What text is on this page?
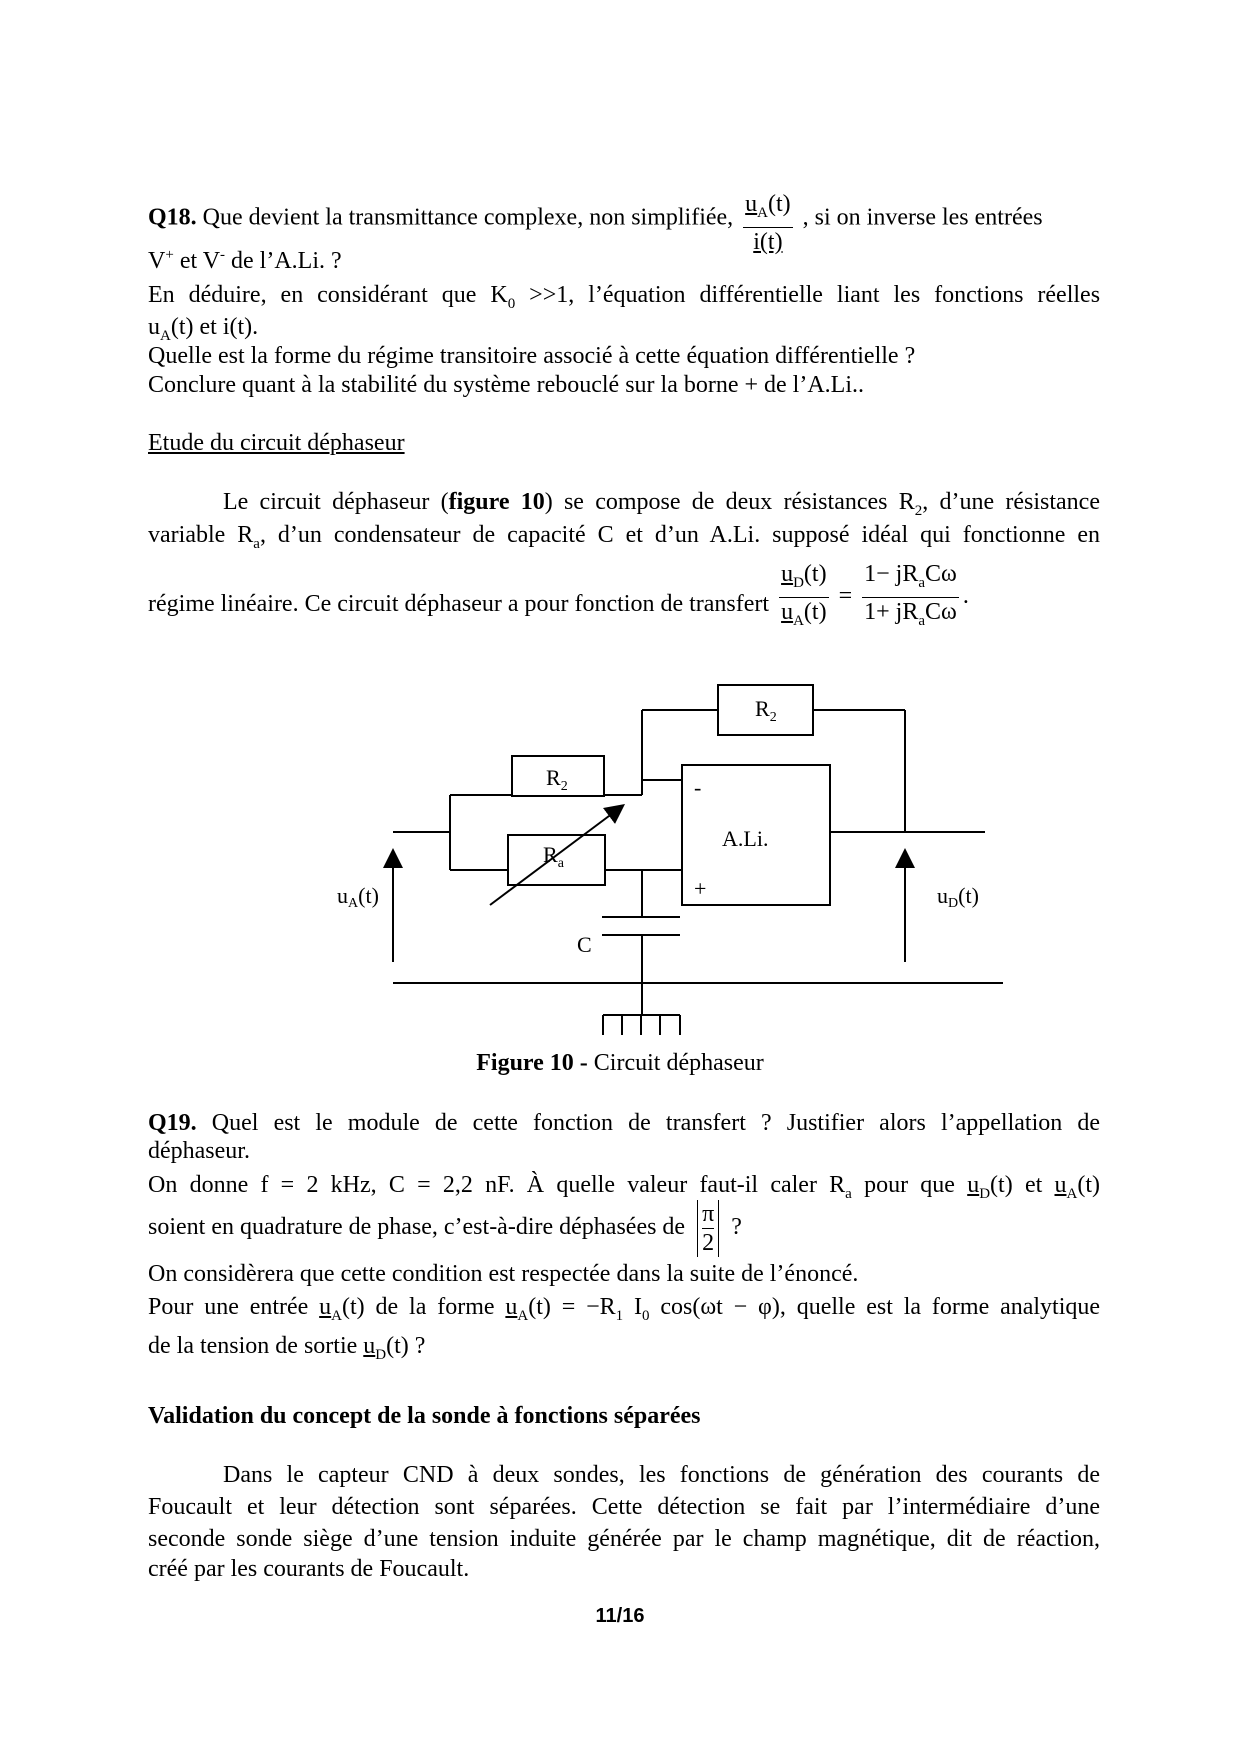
Q18. Que devient la transmittance complexe, non simplifiée, $\frac{u_A(t)}{i(t)}$ , si on inverse les entrées
V+ et V- de l’A.Li. ?
En déduire, en considérant que $K_0 >>1$, l’équation différentielle liant les fonctions réelles
$u_A(t)$ et i(t).
Quelle est la forme du régime transitoire associé à cette équation différentielle ?
Conclure quant à la stabilité du système rebouclé sur la borne + de l’A.Li..
Etude du circuit déphaseur
Le circuit déphaseur (figure 10) se compose de deux résistances $R_2$, d’une résistance
variable $R_a$, d’un condensateur de capacité C et d’un A.Li. supposé idéal qui fonctionne en
régime linéaire. Ce circuit déphaseur a pour fonction de transfert $\frac{u_D(t)}{u_A(t)} = \frac{1- jR_aC\omega}{1+ jR_aC\omega}$ .
$R_2$
$R_2$
$R_a$
A.Li.
-
+
C
uA(t)	uD(t)
Figure 10 - Circuit déphaseur
Q19. Quel est le module de cette fonction de transfert ? Justifier alors l’appellation de
déphaseur.
On donne f = 2 kHz, C = 2,2 nF. À quelle valeur faut-il caler $R_a$ pour que $u_D(t)$ et $u_A(t)$
soient en quadrature de phase, c’est-à-dire déphasées de $\frac{\pi}{2}$ ?
On considèrera que cette condition est respectée dans la suite de l’énoncé.
Pour une entrée $u_A(t)$ de la forme $u_A(t) = -R_1$ $I_0$ cos(ωt − φ), quelle est la forme analytique
de la tension de sortie $u_D(t)$ ?
Validation du concept de la sonde à fonctions séparées
Dans le capteur CND à deux sondes, les fonctions de génération des courants de
Foucault et leur détection sont séparées. Cette détection se fait par l’intermédiaire d’une
seconde sonde siège d’une tension induite générée par le champ magnétique, dit de réaction,
créé par les courants de Foucault.
11/16
